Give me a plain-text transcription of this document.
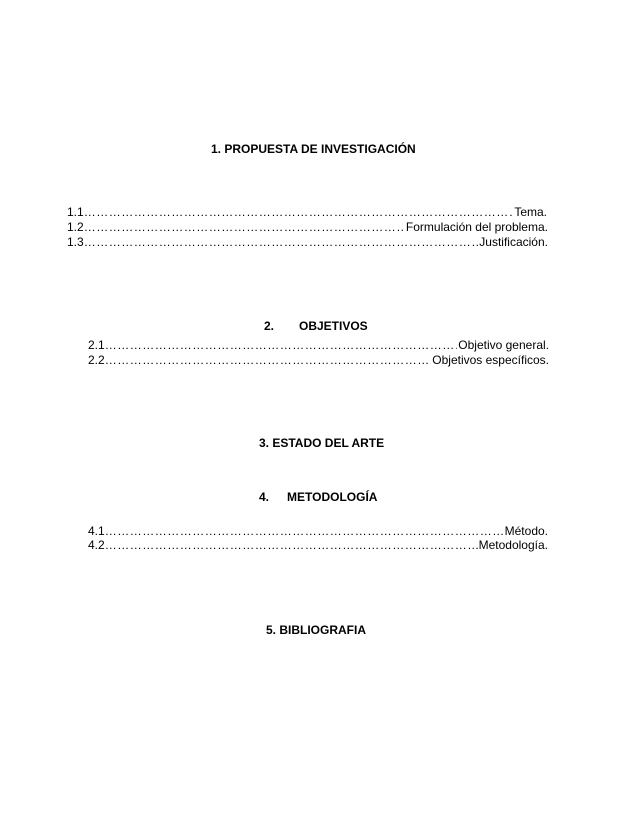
1. PROPUESTA DE INVESTIGACIÓN
1.1 ……………………………………………………………………………………………………………………………………………………………………………………………………	Tema.
1.2 ……………………………………………………………………………………………………………………………………………………………………………………………………	Formulación del problema.
1.3 ……………………………………………………………………………………………………………………………………………………………………………………………………	Justificación.
2. OBJETIVOS
2.1 ……………………………………………………………………………………………………………………………………………………………………………………………………	Objetivo general.
2.2 ……………………………………………………………………………………………………………………………………………………………………………………………………	Objetivos específicos.
3. ESTADO DEL ARTE
4. METODOLOGÍA
4.1 ……………………………………………………………………………………………………………………………………………………………………………………………………	Método.
4.2 ……………………………………………………………………………………………………………………………………………………………………………………………………	Metodología.
5. BIBLIOGRAFIA
